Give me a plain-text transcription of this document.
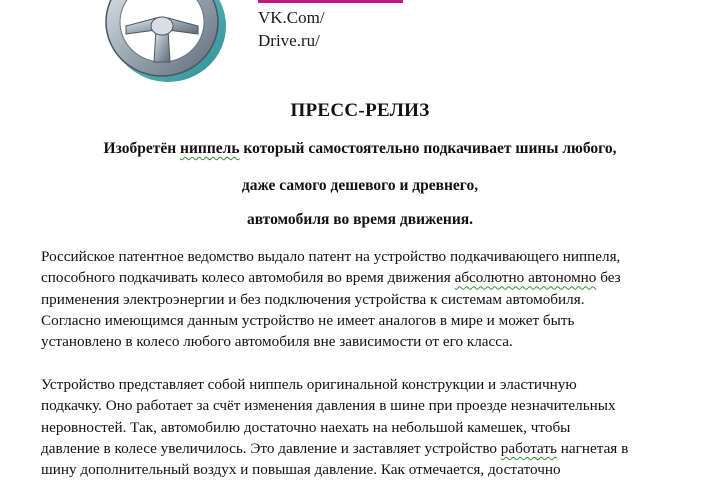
VK.Com/
Drive.ru/
ПРЕСС-РЕЛИЗ
Изобретён ниппель который самостоятельно подкачивает шины любого,
даже самого дешевого и древнего,
автомобиля во время движения.

Российское патентное ведомство выдало патент на устройство подкачивающего ниппеля,
способного подкачивать колесо автомобиля во время движения абсолютно автономно без
применения электроэнергии и без подключения устройства к системам автомобиля.
Согласно имеющимся данным устройство не имеет аналогов в мире и может быть
установлено в колесо любого автомобиля вне зависимости от его класса.

Устройство представляет собой ниппель оригинальной конструкции и эластичную
подкачку. Оно работает за счёт изменения давления в шине при проезде незначительных
неровностей. Так, автомобилю достаточно наехать на небольшой камешек, чтобы
давление в колесе увеличилось. Это давление и заставляет устройство работать нагнетая в
шину дополнительный воздух и повышая давление. Как отмечается, достаточно
